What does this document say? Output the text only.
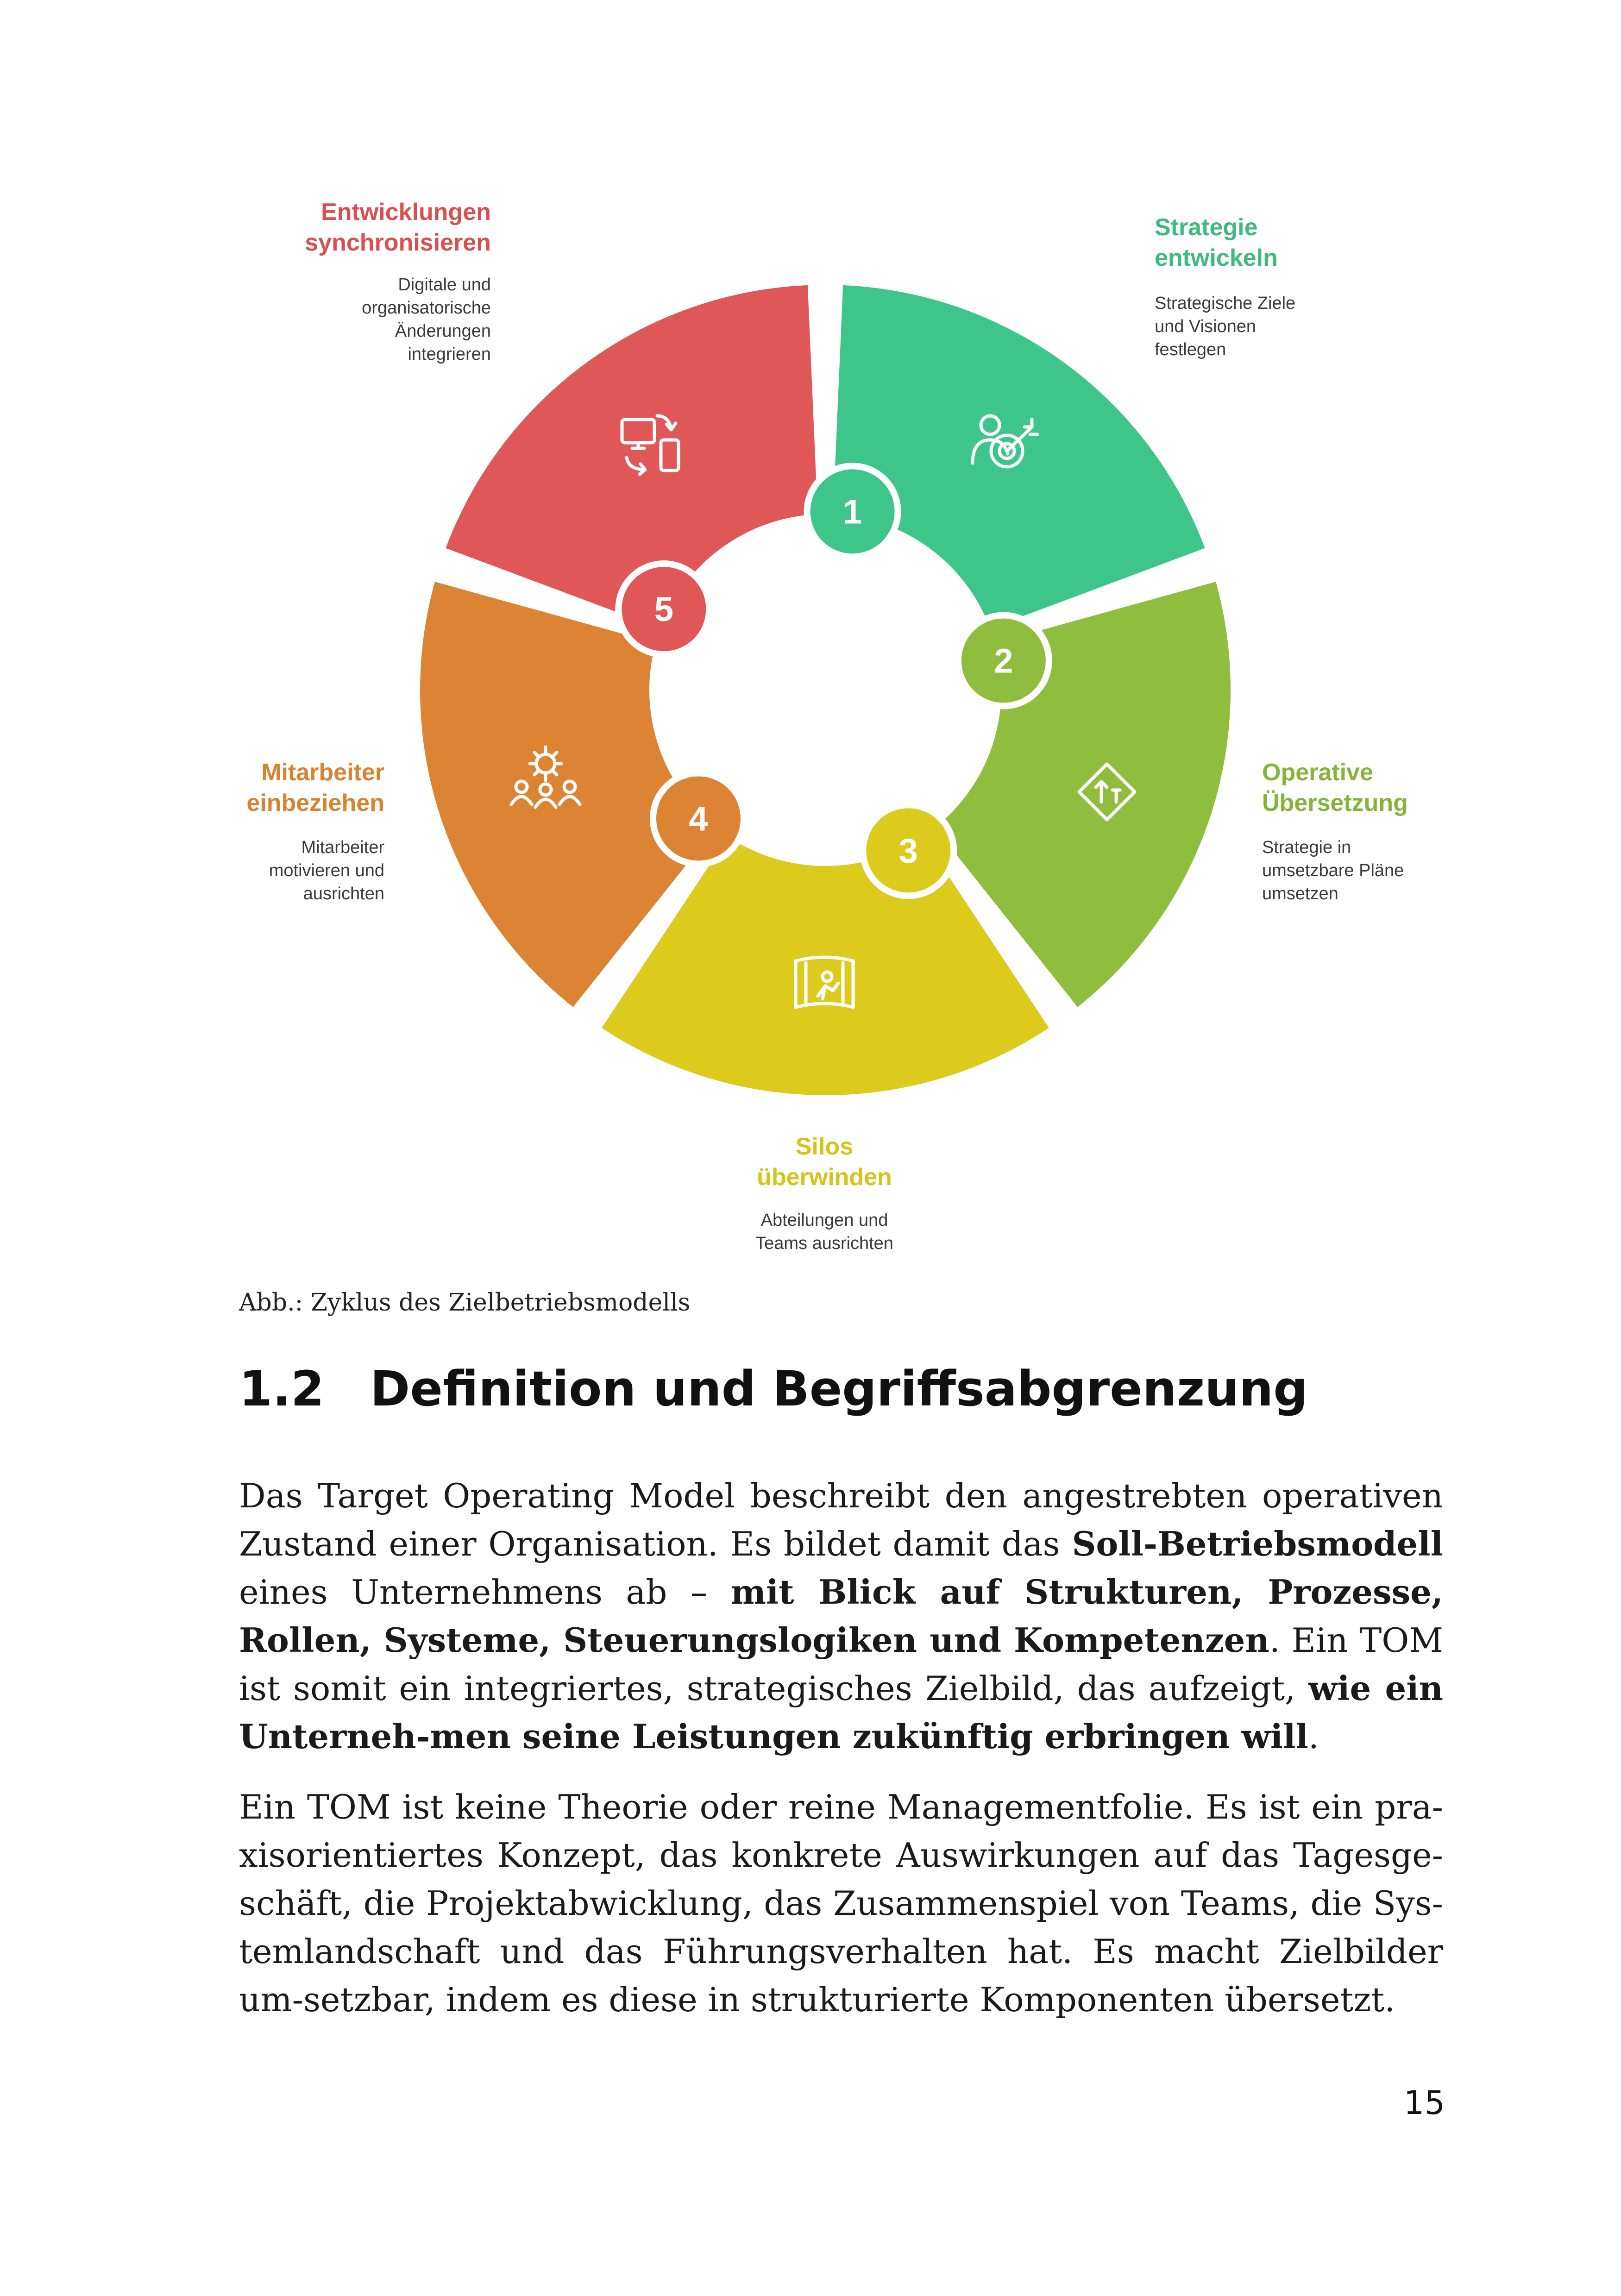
1
2
3
4
5

Entwicklungen
synchronisieren

Digitale und
organisatorische
Änderungen
integrieren

Strategie
entwickeln

Strategische Ziele
und Visionen
festlegen

Operative
Übersetzung

Strategie in
umsetzbare Pläne
umsetzen

Mitarbeiter
einbeziehen

Mitarbeiter
motivieren und
ausrichten

Silos
überwinden

Abteilungen und
Teams ausrichten

Abb.: Zyklus des Zielbetriebsmodells

1.2 Definition und Begriffsabgrenzung

Das Target Operating Model beschreibt den angestrebten operativen Zustand einer Organisation. Es bildet damit das Soll-Betriebsmodell eines Unternehmens ab – mit Blick auf Strukturen, Prozesse, Rollen, Systeme, Steuerungslogiken und Kompetenzen. Ein TOM ist somit ein integriertes, strategisches Zielbild, das aufzeigt, wie ein Unterneh-men seine Leistungen zukünftig erbringen will.

Ein TOM ist keine Theorie oder reine Managementfolie. Es ist ein pra-xisorientiertes Konzept, das konkrete Auswirkungen auf das Tagesge-schäft, die Projektabwicklung, das Zusammenspiel von Teams, die Sys-temlandschaft und das Führungsverhalten hat. Es macht Zielbilder um-setzbar, indem es diese in strukturierte Komponenten übersetzt.

15
